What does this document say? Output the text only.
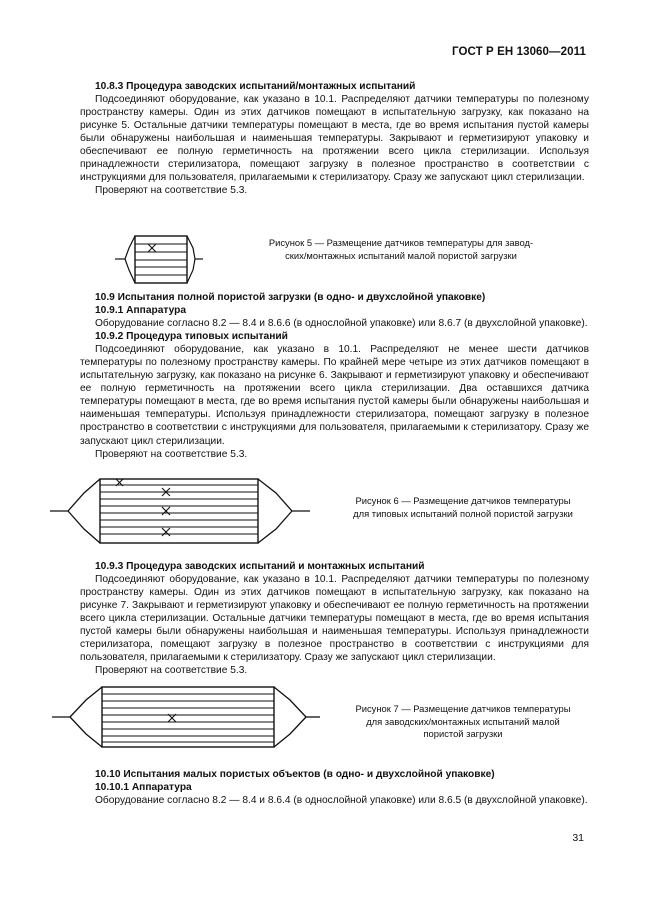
ГОСТ Р ЕН 13060—2011

10.8.3 Процедура заводских испытаний/монтажных испытаний

Подсоединяют оборудование, как указано в 10.1. Распределяют датчики температуры по полезному пространству камеры. Один из этих датчиков помещают в испытательную загрузку, как показано на рисунке 5. Остальные датчики температуры помещают в места, где во время испытания пустой камеры были обнаружены наибольшая и наименьшая температуры. Закрывают и герметизируют упаковку и обеспечивают ее полную герметичность на протяжении всего цикла стерилизации. Используя принадлежности стерилизатора, помещают загрузку в полезное пространство в соответствии с инструкциями для пользователя, прилагаемыми к стерилизатору. Сразу же запускают цикл стерилизации.

Проверяют на соответствие 5.3.

Рисунок 5 — Размещение датчиков температуры для завод-
ских/монтажных испытаний малой пористой загрузки

10.9 Испытания полной пористой загрузки (в одно- и двухслойной упаковке)

10.9.1 Аппаратура

Оборудование согласно 8.2 — 8.4 и 8.6.6 (в однослойной упаковке) или 8.6.7 (в двухслойной упаковке).

10.9.2 Процедура типовых испытаний

Подсоединяют оборудование, как указано в 10.1. Распределяют не менее шести датчиков температуры по полезному пространству камеры. По крайней мере четыре из этих датчиков помещают в испытательную загрузку, как показано на рисунке 6. Закрывают и герметизируют упаковку и обеспечивают ее полную герметичность на протяжении всего цикла стерилизации. Два оставшихся датчика температуры помещают в места, где во время испытания пустой камеры были обнаружены наибольшая и наименьшая температуры. Используя принадлежности стерилизатора, помещают загрузку в полезное пространство в соответствии с инструкциями для пользователя, прилагаемыми к стерилизатору. Сразу же запускают цикл стерилизации.

Проверяют на соответствие 5.3.

Рисунок 6 — Размещение датчиков температуры
для типовых испытаний полной пористой загрузки

10.9.3 Процедура заводских испытаний и монтажных испытаний

Подсоединяют оборудование, как указано в 10.1. Распределяют датчики температуры по полезному пространству камеры. Один из этих датчиков помещают в испытательную загрузку, как показано на рисунке 7. Закрывают и герметизируют упаковку и обеспечивают ее полную герметичность на протяжении всего цикла стерилизации. Остальные датчики температуры помещают в места, где во время испытания пустой камеры были обнаружены наибольшая и наименьшая температуры. Используя принадлежности стерилизатора, помещают загрузку в полезное пространство в соответствии с инструкциями для пользователя, прилагаемыми к стерилизатору. Сразу же запускают цикл стерилизации.

Проверяют на соответствие 5.3.

Рисунок 7 — Размещение датчиков температуры
для заводских/монтажных испытаний малой
пористой загрузки

10.10 Испытания малых пористых объектов (в одно- и двухслойной упаковке)

10.10.1 Аппаратура

Оборудование согласно 8.2 — 8.4 и 8.6.4 (в однослойной упаковке) или 8.6.5 (в двухслойной упаковке).

31
